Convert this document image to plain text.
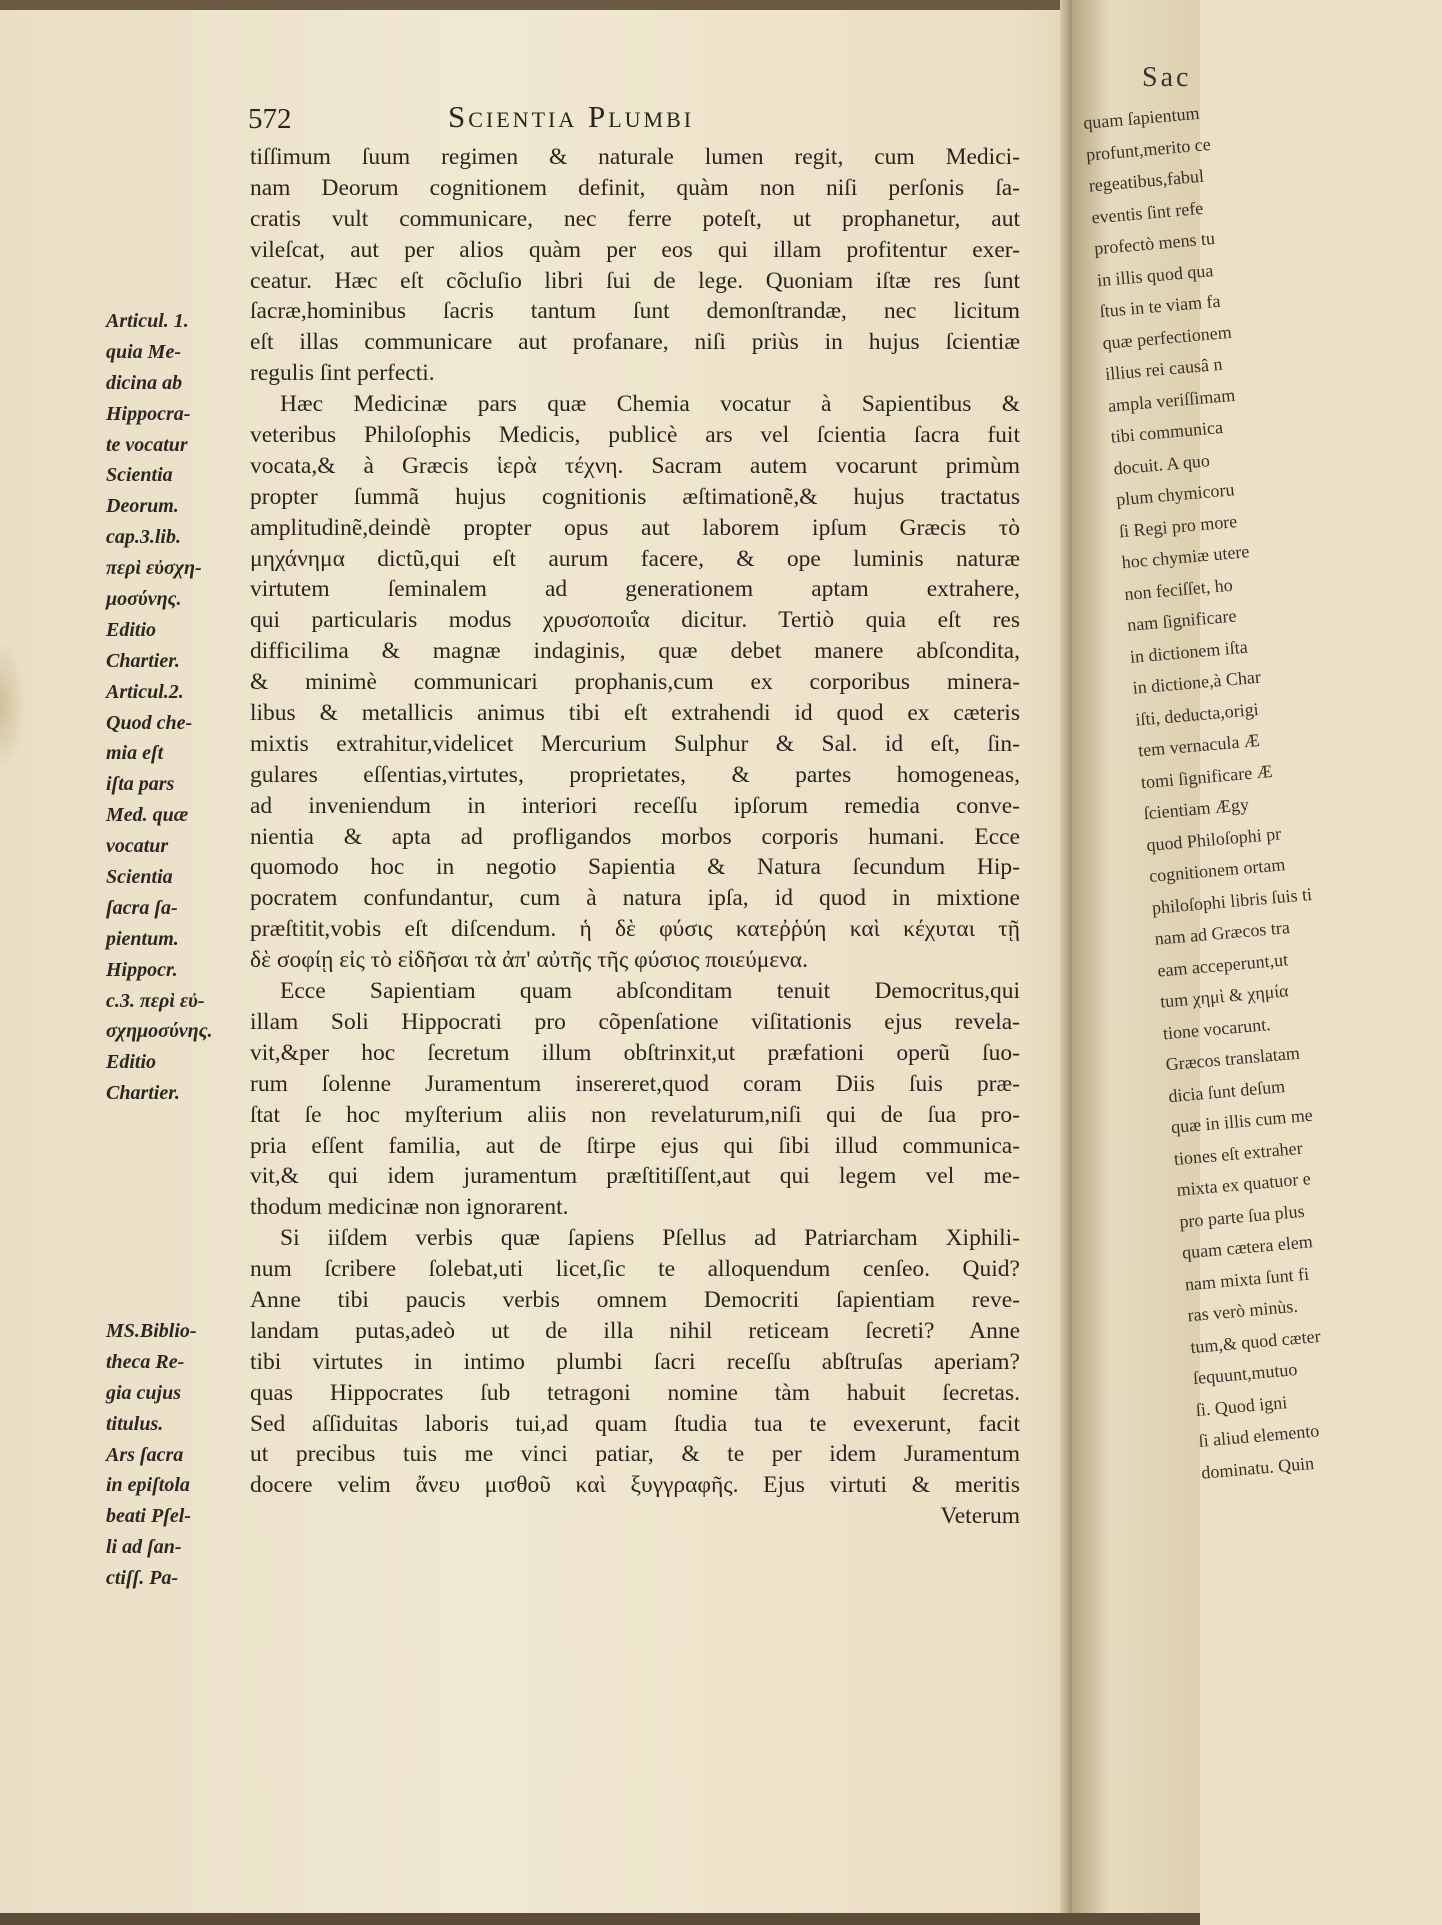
Sac
quam ſapientum
profunt,merito ce
regeatibus,fabul
eventis ſint refe
profectò mens tu
in illis quod qua
ſtus in te viam fa
quæ perfectionem
illius rei causâ n
ampla veriſſimam
tibi communica
docuit. A quo
plum chymicoru
ſi Regi pro more
hoc chymiæ utere
non feciſſet, ho
nam ſignificare
in dictionem iſta
in dictione,à Char
iſti, deducta,origi
tem vernacula Æ
tomi ſignificare Æ
ſcientiam Ægy
quod Philoſophi pr
cognitionem ortam
philoſophi libris ſuis ti
nam ad Græcos tra
eam acceperunt,ut
tum χημὶ & χημία
tione vocarunt.
Græcos translatam
dicia ſunt deſum
quæ in illis cum me
tiones eſt extraher
mixta ex quatuor e
pro parte ſua plus
quam cætera elem
nam mixta ſunt fi
ras verò minùs.
tum,& quod cæter
ſequunt,mutuo
ſi. Quod igni
ſi aliud elemento
dominatu. Quin
572	Scientia Plumbi
tiſſimum ſuum regimen & naturale lumen regit, cum Medici-
nam Deorum cognitionem definit, quàm non niſi perſonis ſa-
cratis vult communicare, nec ferre poteſt, ut prophanetur, aut
vileſcat, aut per alios quàm per eos qui illam profitentur exer-
ceatur. Hæc eſt cõcluſio libri ſui de lege. Quoniam iſtæ res ſunt
ſacræ,hominibus ſacris tantum ſunt demonſtrandæ, nec licitum
eſt illas communicare aut profanare, niſi priùs in hujus ſcientiæ
regulis ſint perfecti.
Hæc Medicinæ pars quæ Chemia vocatur à Sapientibus &
veteribus Philoſophis Medicis, publicè ars vel ſcientia ſacra fuit
vocata,& à Græcis ἱερὰ τέχνη. Sacram autem vocarunt primùm
propter ſummã hujus cognitionis æſtimationẽ,& hujus tractatus
amplitudinẽ,deindè propter opus aut laborem ipſum Græcis τὸ
μηχάνημα dictũ,qui eſt aurum facere, & ope luminis naturæ
virtutem ſeminalem ad generationem aptam extrahere,
qui particularis modus χρυσοποιΐα dicitur. Tertiò quia eſt res
difficilima & magnæ indaginis, quæ debet manere abſcondita,
& minimè communicari prophanis,cum ex corporibus minera-
libus & metallicis animus tibi eſt extrahendi id quod ex cæteris
mixtis extrahitur,videlicet Mercurium Sulphur & Sal. id eſt, ſin-
gulares eſſentias,virtutes, proprietates, & partes homogeneas,
ad inveniendum in interiori receſſu ipſorum remedia conve-
nientia & apta ad profligandos morbos corporis humani. Ecce
quomodo hoc in negotio Sapientia & Natura ſecundum Hip-
pocratem confundantur, cum à natura ipſa, id quod in mixtione
præſtitit,vobis eſt diſcendum. ἡ δὲ φύσις κατεῤῥύη καὶ κέχυται τῇ
δὲ σοφίῃ εἰς τὸ εἰδῆσαι τὰ ἀπ' αὐτῆς τῆς φύσιος ποιεύμενα.
Ecce Sapientiam quam abſconditam tenuit Democritus,qui
illam Soli Hippocrati pro cõpenſatione viſitationis ejus revela-
vit,&per hoc ſecretum illum obſtrinxit,ut præfationi operũ ſuo-
rum ſolenne Juramentum insereret,quod coram Diis ſuis præ-
ſtat ſe hoc myſterium aliis non revelaturum,niſi qui de ſua pro-
pria eſſent familia, aut de ſtirpe ejus qui ſibi illud communica-
vit,& qui idem juramentum præſtitiſſent,aut qui legem vel me-
thodum medicinæ non ignorarent.
Si iiſdem verbis quæ ſapiens Pſellus ad Patriarcham Xiphili-
num ſcribere ſolebat,uti licet,ſic te alloquendum cenſeo. Quid?
Anne tibi paucis verbis omnem Democriti ſapientiam reve-
landam putas,adeò ut de illa nihil reticeam ſecreti? Anne
tibi virtutes in intimo plumbi ſacri receſſu abſtruſas aperiam?
quas Hippocrates ſub tetragoni nomine tàm habuit ſecretas.
Sed aſſiduitas laboris tui,ad quam ſtudia tua te evexerunt, facit
ut precibus tuis me vinci patiar, & te per idem Juramentum
docere velim ἄνευ μισθοῦ καὶ ξυγγραφῆς. Ejus virtuti & meritis
Veterum
Articul. 1.
quia Me-
dicina ab
Hippocra-
te vocatur
Scientia
Deorum.
cap.3.lib.
περὶ εὐσχη-
μοσύνης.
Editio
Chartier.
Articul.2.
Quod che-
mia eſt
iſta pars
Med. quæ
vocatur
Scientia
ſacra ſa-
pientum.
Hippocr.
c.3. περὶ εὐ-
σχημοσύνης.
Editio
Chartier.
MS.Biblio-
theca Re-
gia cujus
titulus.
Ars ſacra
in epiſtola
beati Pſel-
li ad ſan-
ctiſſ. Pa-
